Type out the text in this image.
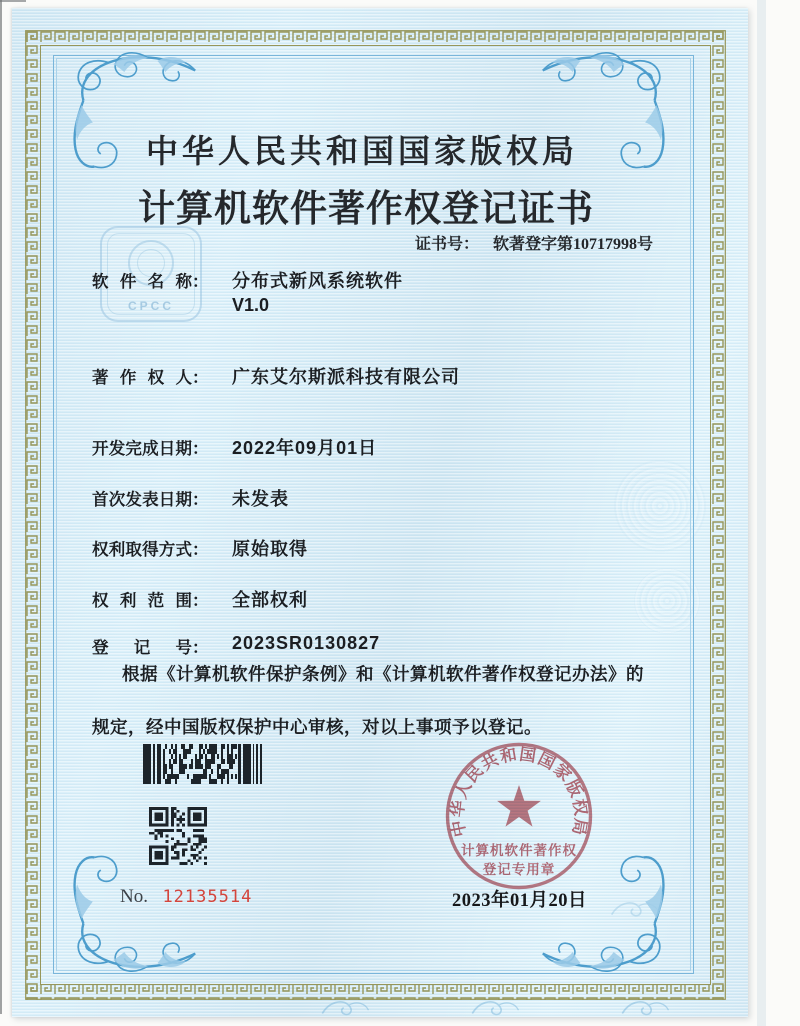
CPCC
中华人民共和国国家版权局
计算机软件著作权登记证书
证书号： 软著登字第10717998号
软 件 名 称 ： 分布式新风系统软件
V1.0
著 作 权 人 ： 广东艾尔斯派科技有限公司
开 发 完 成 日 期 ： 2022年09月01日
首 次 发 表 日 期 ： 未发表
权 利 取 得 方 式 ： 原始取得
权 利 范 围 ： 全部权利
登 记 号 ： 2023SR0130827
根据《计算机软件保护条例》和《计算机软件著作权登记办法》的
规定，经中国版权保护中心审核，对以上事项予以登记。
中华人民共和国国家版权局
计算机软件著作权
登记专用章
No. 12135514	2023年01月20日
